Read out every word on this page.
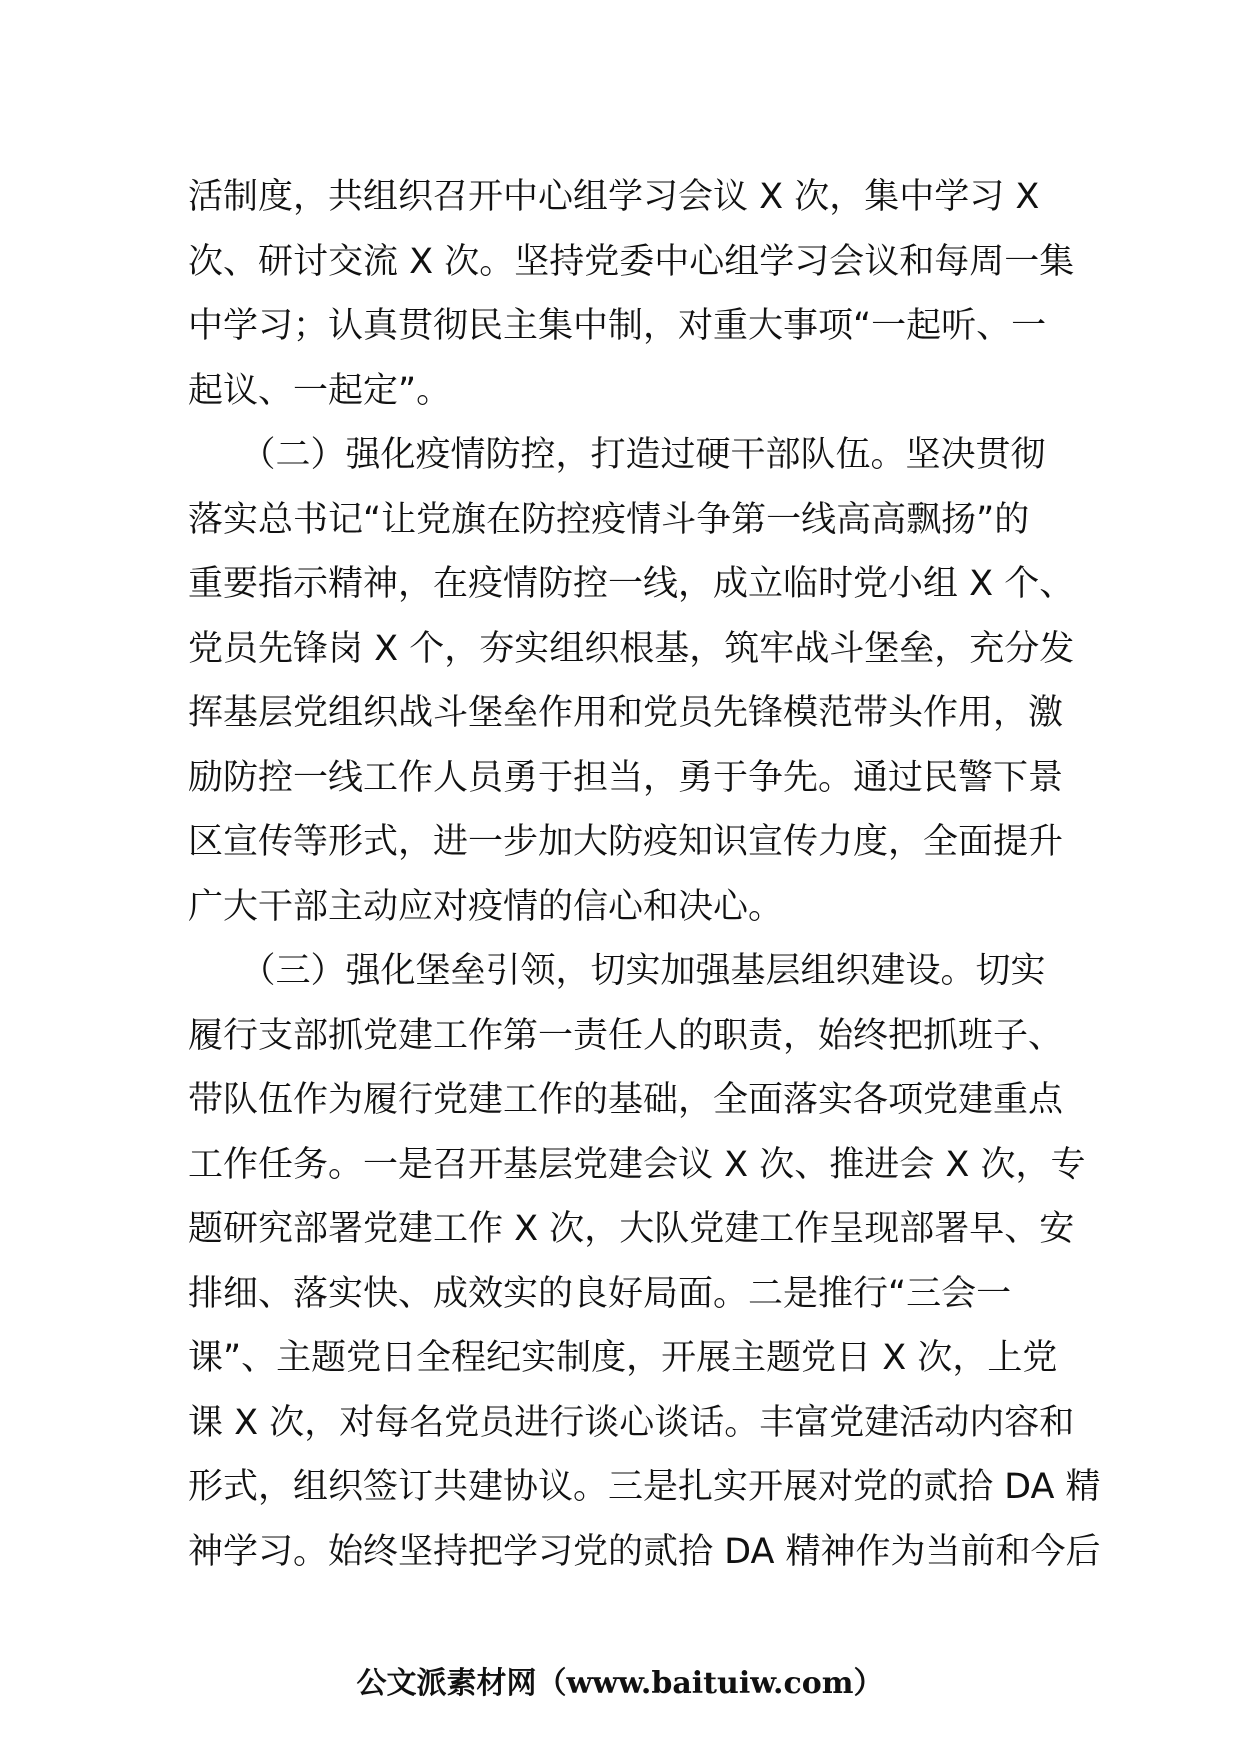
活制度，共组织召开中心组学习会议 X 次，集中学习 X
次、研讨交流 X 次。坚持党委中心组学习会议和每周一集
中学习；认真贯彻民主集中制，对重大事项“一起听、一
起议、一起定”。
　　（二）强化疫情防控，打造过硬干部队伍。坚决贯彻
落实总书记“让党旗在防控疫情斗争第一线高高飘扬”的
重要指示精神，在疫情防控一线，成立临时党小组 X 个、
党员先锋岗 X 个，夯实组织根基，筑牢战斗堡垒，充分发
挥基层党组织战斗堡垒作用和党员先锋模范带头作用，激
励防控一线工作人员勇于担当，勇于争先。通过民警下景
区宣传等形式，进一步加大防疫知识宣传力度，全面提升
广大干部主动应对疫情的信心和决心。
　　（三）强化堡垒引领，切实加强基层组织建设。切实
履行支部抓党建工作第一责任人的职责，始终把抓班子、
带队伍作为履行党建工作的基础，全面落实各项党建重点
工作任务。一是召开基层党建会议 X 次、推进会 X 次，专
题研究部署党建工作 X 次，大队党建工作呈现部署早、安
排细、落实快、成效实的良好局面。二是推行“三会一
课”、主题党日全程纪实制度，开展主题党日 X 次，上党
课 X 次，对每名党员进行谈心谈话。丰富党建活动内容和
形式，组织签订共建协议。三是扎实开展对党的贰拾 DA 精
神学习。始终坚持把学习党的贰拾 DA 精神作为当前和今后
公文派素材网（www.baituiw.com）
